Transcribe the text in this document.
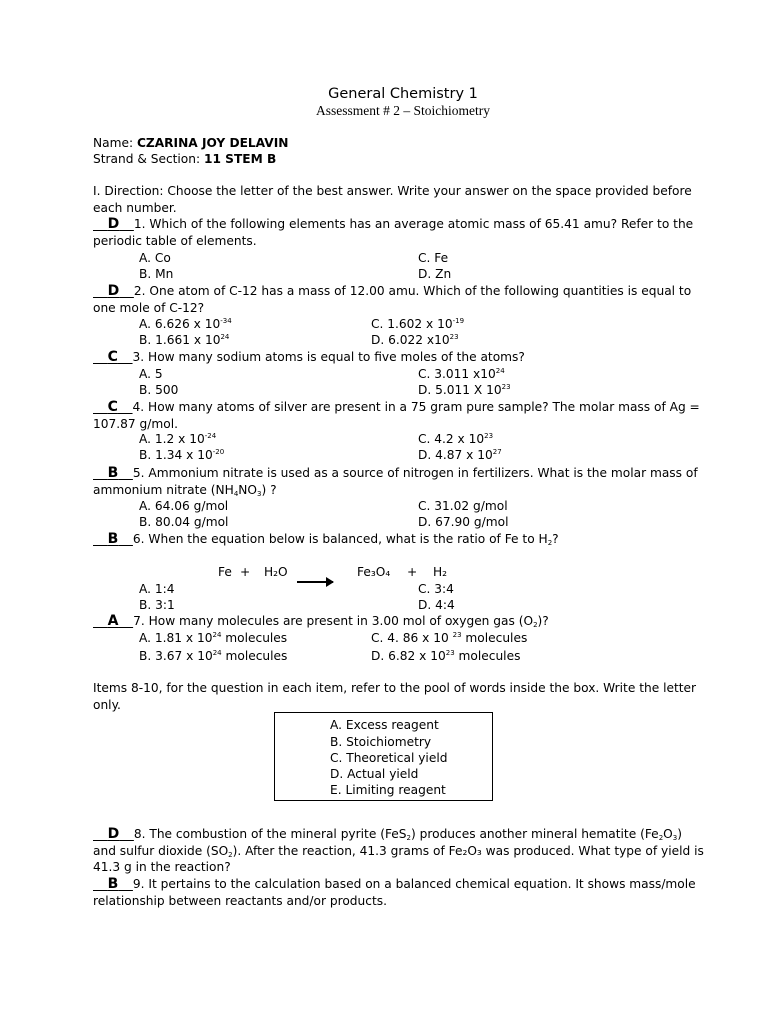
General Chemistry 1
Assessment # 2 – Stoichiometry
Name: CZARINA JOY DELAVIN
Strand & Section: 11 STEM B
I. Direction: Choose the letter of the best answer. Write your answer on the space provided before each number.
D 1. Which of the following elements has an average atomic mass of 65.41 amu? Refer to the periodic table of elements.
A. Co	C. Fe
B. Mn	D. Zn
D 2. One atom of C-12 has a mass of 12.00 amu. Which of the following quantities is equal to one mole of C-12?
A. 6.626 x $10^{-34}$	C. 1.602 x $10^{-19}$
B. 1.661 x $10^{24}$	D. 6.022 $x10^{23}$
C 3. How many sodium atoms is equal to five moles of the atoms?
A. 5	C. 3.011 $x10^{24}$
B. 500	D. 5.011 X $10^{23}$
C 4. How many atoms of silver are present in a 75 gram pure sample? The molar mass of Ag = 107.87 g/mol.
A. 1.2 x $10^{-24}$	C. 4.2 x $10^{23}$
B. 1.34 x $10^{-20}$	D. 4.87 x $10^{27}$
B 5. Ammonium nitrate is used as a source of nitrogen in fertilizers. What is the molar mass of ammonium nitrate $(NH_4NO_3)$ ?
A. 64.06 g/mol	C. 31.02 g/mol
B. 80.04 g/mol	D. 67.90 g/mol
B 6. When the equation below is balanced, what is the ratio of Fe to $H_2$?
Fe + H₂O	Fe₃O₄ + H₂
A. 1:4	C. 3:4
B. 3:1	D. 4:4
A 7. How many molecules are present in 3.00 mol of oxygen gas $(O_2)$?
A. 1.81 x $10^{24}$ molecules	C. 4. 86 x 10 $^{23}$ molecules
B. 3.67 x $10^{24}$ molecules	D. 6.82 x $10^{23}$ molecules
Items 8-10, for the question in each item, refer to the pool of words inside the box. Write the letter only.
A. Excess reagent
B. Stoichiometry
C. Theoretical yield
D. Actual yield
E. Limiting reagent
D 8. The combustion of the mineral pyrite (FeS$_2$) produces another mineral hematite $(Fe_2O_3)$ and sulfur dioxide $(SO_2)$. After the reaction, 41.3 grams of Fe₂O₃ was produced. What type of yield is 41.3 g in the reaction?
B 9. It pertains to the calculation based on a balanced chemical equation. It shows mass/mole relationship between reactants and/or products.
